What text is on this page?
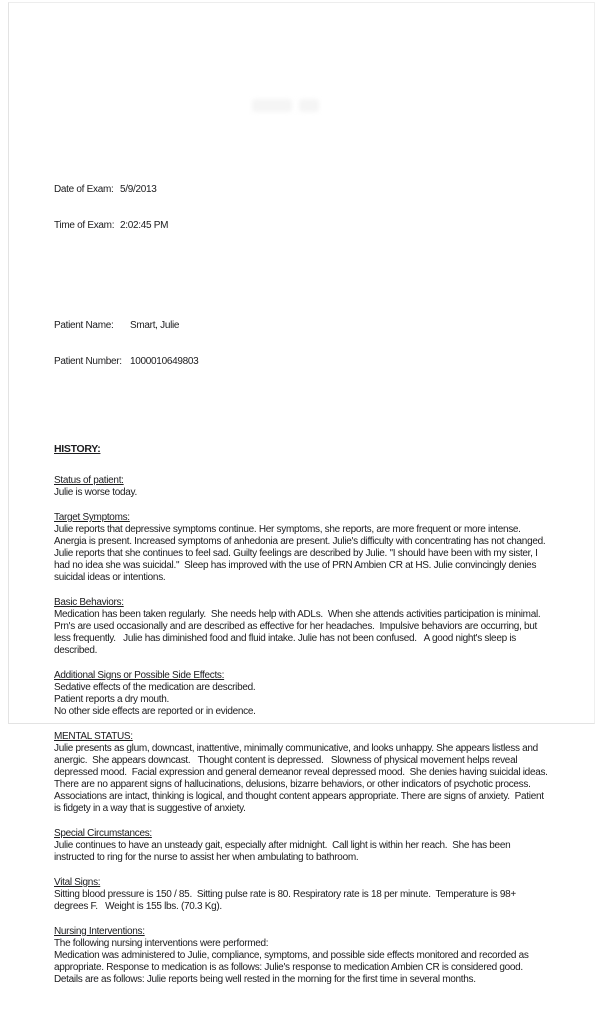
Date of Exam: 5/9/2013

Time of Exam: 2:02:45 PM

Patient Name:	Smart, Julie

Patient Number: 1000010649803

HISTORY:
Status of patient:
Julie is worse today.
Target Symptoms:
Julie reports that depressive symptoms continue. Her symptoms, she reports, are more frequent or more intense. Anergia is present. Increased symptoms of anhedonia are present. Julie's difficulty with concentrating has not changed.  Julie reports that she continues to feel sad. Guilty feelings are described by Julie. "I should have been with my sister, I had no idea she was suicidal."  Sleep has improved with the use of PRN Ambien CR at HS. Julie convincingly denies suicidal ideas or intentions.
Basic Behaviors:
Medication has been taken regularly.  She needs help with ADLs.  When she attends activities participation is minimal. Prn's are used occasionally and are described as effective for her headaches.  Impulsive behaviors are occurring, but less frequently.   Julie has diminished food and fluid intake. Julie has not been confused.   A good night's sleep is described.
Additional Signs or Possible Side Effects:
Sedative effects of the medication are described.
Patient reports a dry mouth.
No other side effects are reported or in evidence.
MENTAL STATUS:
Julie presents as glum, downcast, inattentive, minimally communicative, and looks unhappy. She appears listless and anergic.  She appears downcast.   Thought content is depressed.   Slowness of physical movement helps reveal depressed mood.  Facial expression and general demeanor reveal depressed mood.  She denies having suicidal ideas. There are no apparent signs of hallucinations, delusions, bizarre behaviors, or other indicators of psychotic process. Associations are intact, thinking is logical, and thought content appears appropriate. There are signs of anxiety.  Patient is fidgety in a way that is suggestive of anxiety.
Special Circumstances:
Julie continues to have an unsteady gait, especially after midnight.  Call light is within her reach.  She has been instructed to ring for the nurse to assist her when ambulating to bathroom.
Vital Signs:
Sitting blood pressure is 150 / 85.  Sitting pulse rate is 80. Respiratory rate is 18 per minute.  Temperature is 98+ degrees F.   Weight is 155 lbs. (70.3 Kg).
Nursing Interventions:
The following nursing interventions were performed:
Medication was administered to Julie, compliance, symptoms, and possible side effects monitored and recorded as appropriate. Response to medication is as follows: Julie's response to medication Ambien CR is considered good. Details are as follows: Julie reports being well rested in the morning for the first time in several months.
